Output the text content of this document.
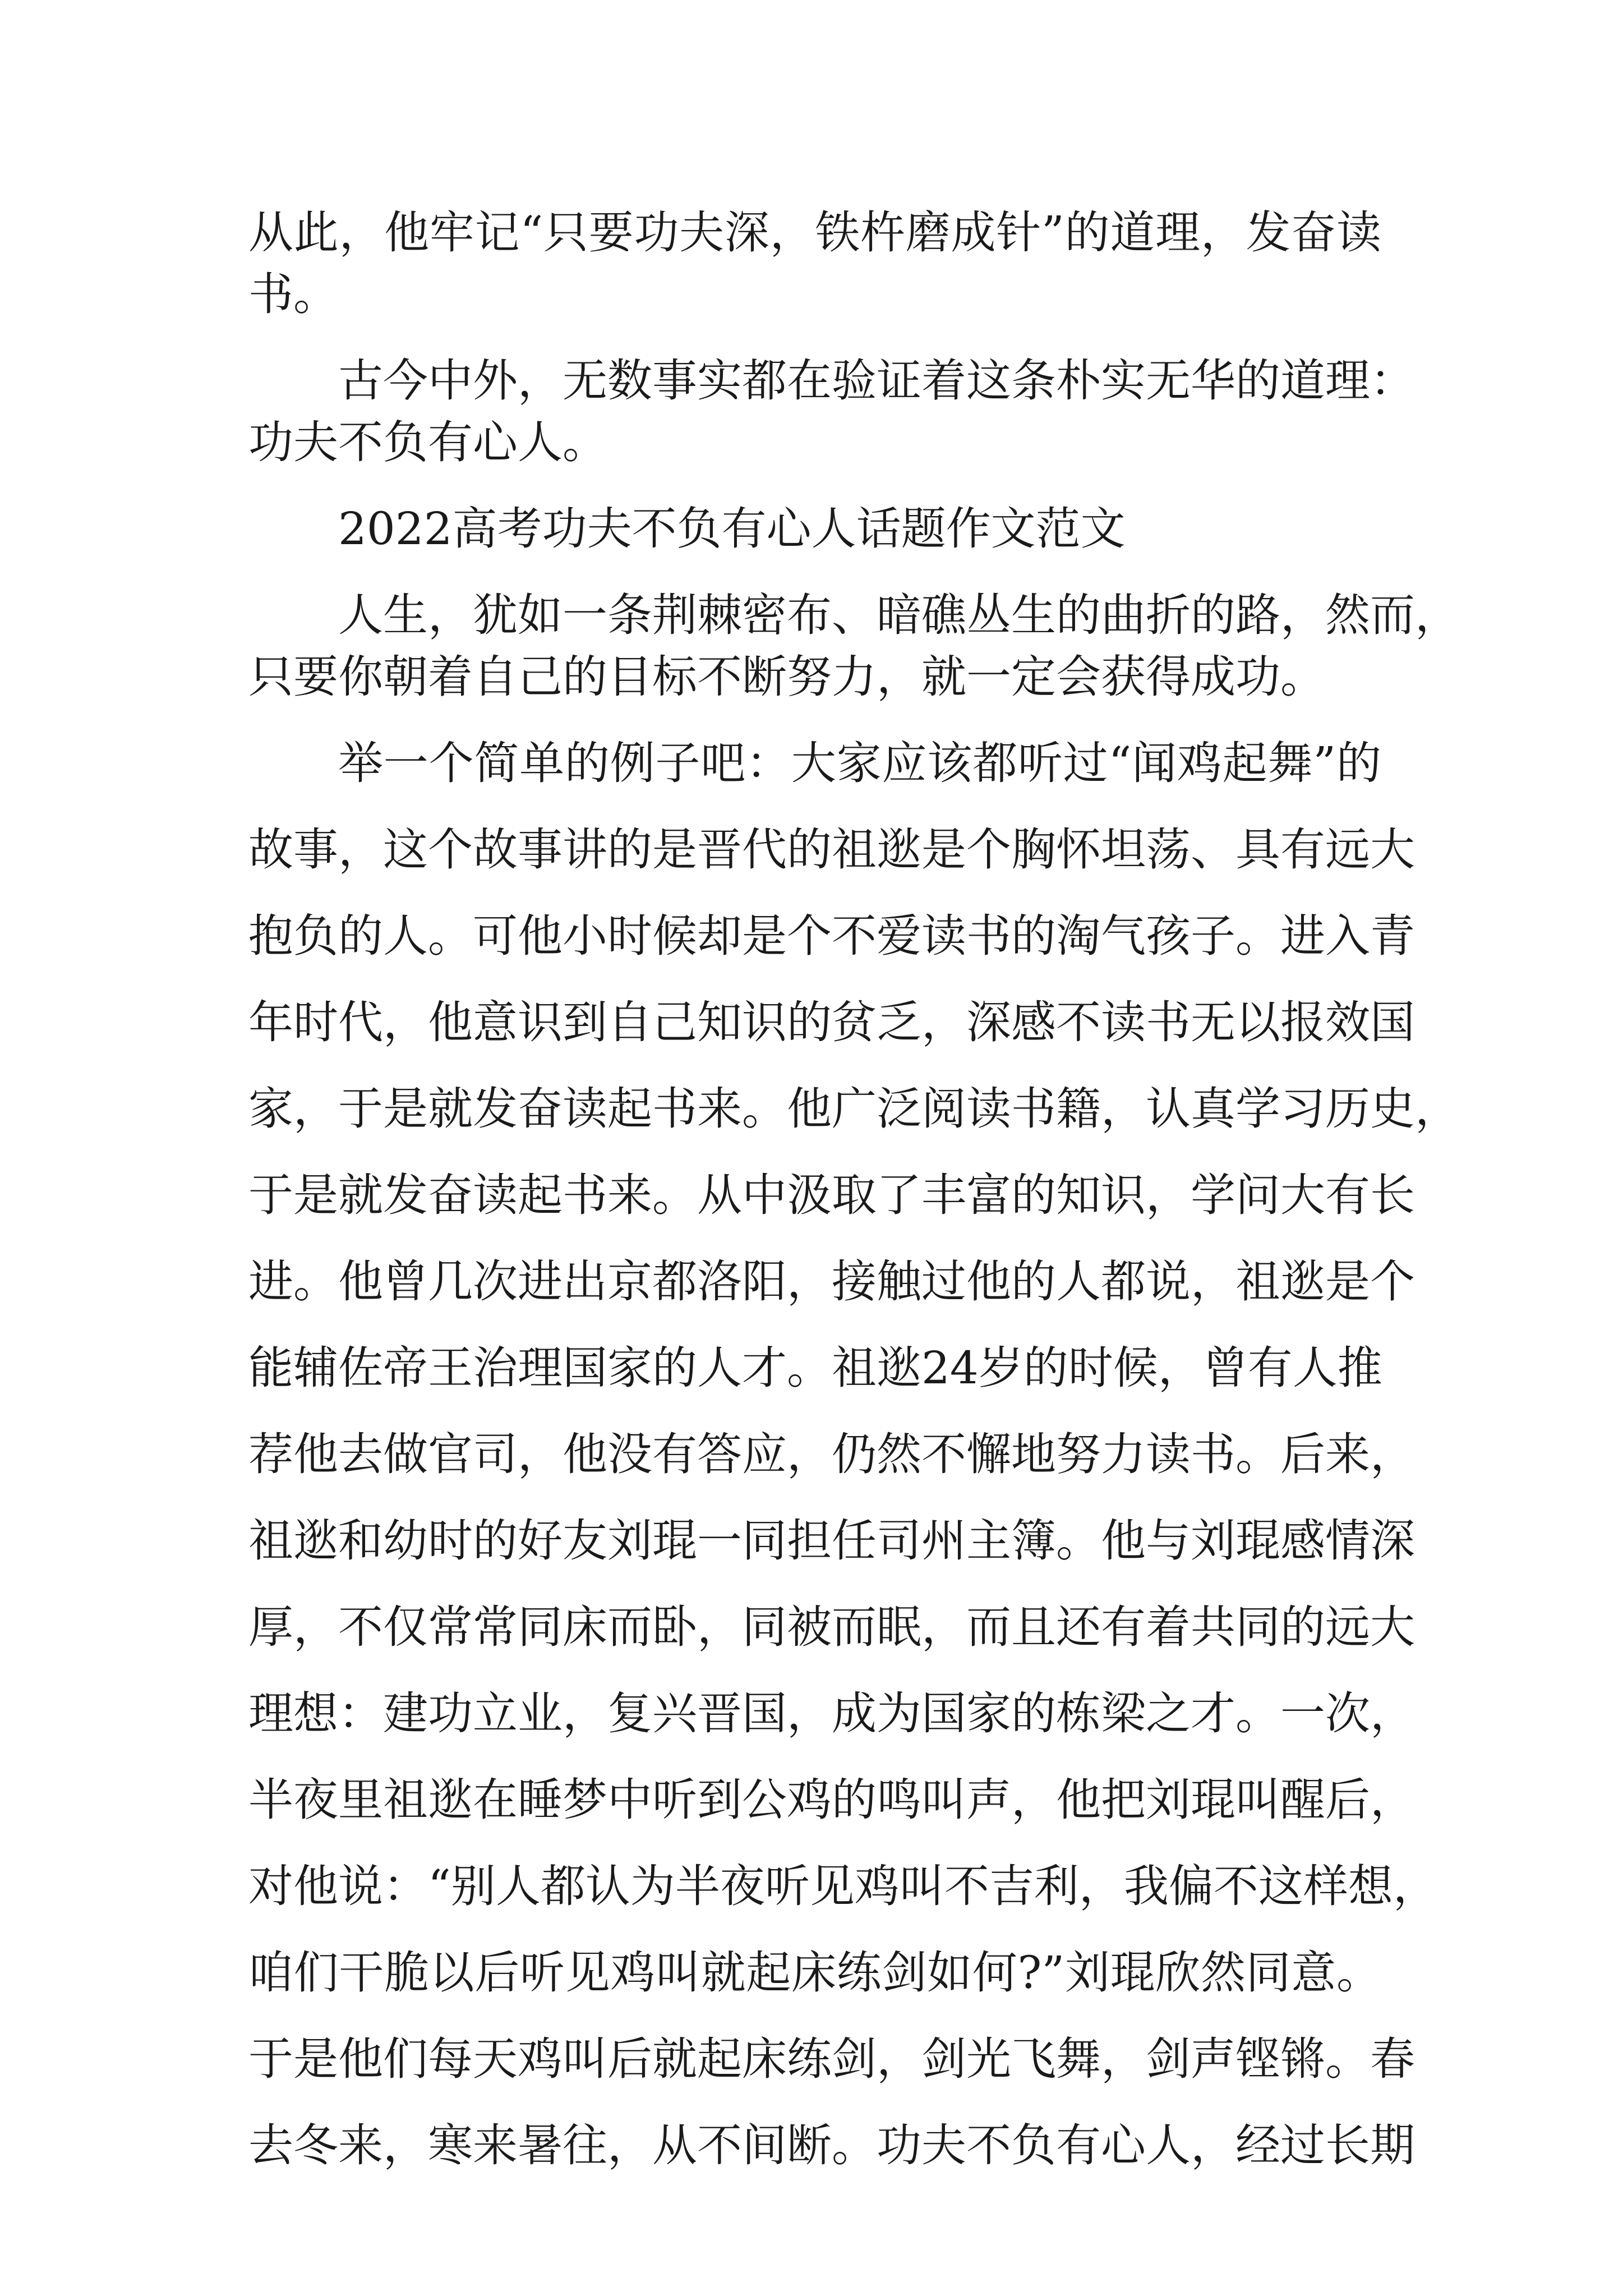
从此，他牢记“只要功夫深，铁杵磨成针”的道理，发奋读
书。
古今中外，无数事实都在验证着这条朴实无华的道理：
功夫不负有心人。
2022高考功夫不负有心人话题作文范文
人生，犹如一条荆棘密布、暗礁丛生的曲折的路，然而，
只要你朝着自己的目标不断努力，就一定会获得成功。
举一个简单的例子吧：大家应该都听过“闻鸡起舞”的
故事，这个故事讲的是晋代的祖逖是个胸怀坦荡、具有远大
抱负的人。可他小时候却是个不爱读书的淘气孩子。进入青
年时代，他意识到自己知识的贫乏，深感不读书无以报效国
家，于是就发奋读起书来。他广泛阅读书籍，认真学习历史，
于是就发奋读起书来。从中汲取了丰富的知识，学问大有长
进。他曾几次进出京都洛阳，接触过他的人都说，祖逖是个
能辅佐帝王治理国家的人才。祖逖24岁的时候，曾有人推
荐他去做官司，他没有答应，仍然不懈地努力读书。后来，
祖逖和幼时的好友刘琨一同担任司州主簿。他与刘琨感情深
厚，不仅常常同床而卧，同被而眠，而且还有着共同的远大
理想：建功立业，复兴晋国，成为国家的栋梁之才。一次，
半夜里祖逖在睡梦中听到公鸡的鸣叫声，他把刘琨叫醒后，
对他说：“别人都认为半夜听见鸡叫不吉利，我偏不这样想，
咱们干脆以后听见鸡叫就起床练剑如何?”刘琨欣然同意。
于是他们每天鸡叫后就起床练剑，剑光飞舞，剑声铿锵。春
去冬来，寒来暑往，从不间断。功夫不负有心人，经过长期
